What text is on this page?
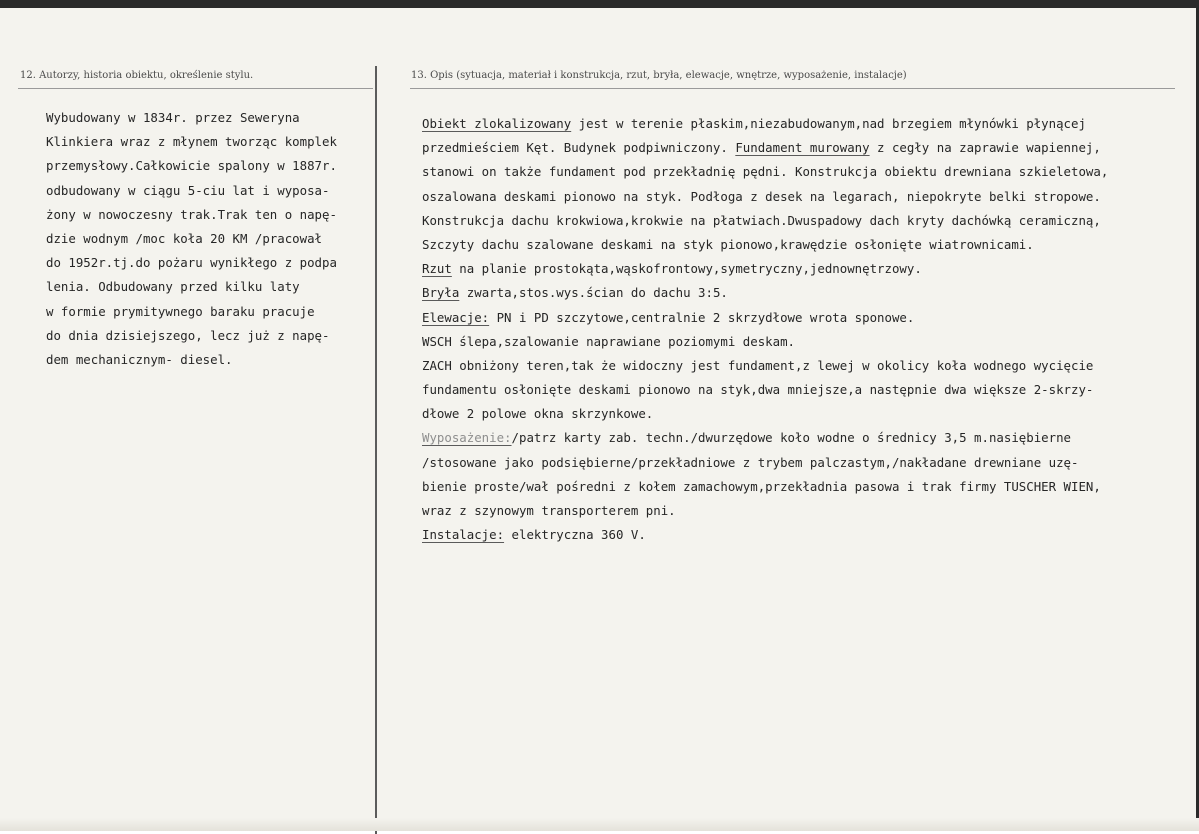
12. Autorzy, historia obiektu, określenie stylu.	13. Opis (sytuacja, materiał i konstrukcja, rzut, bryła, elewacje, wnętrze, wyposażenie, instalacje)
Wybudowany w 1834r. przez Seweryna
Klinkiera wraz z młynem tworząc komplek
przemysłowy.Całkowicie spalony w 1887r.
odbudowany w ciągu 5-ciu lat i wyposa-
żony w nowoczesny trak.Trak ten o napę-
dzie wodnym /moc koła 20 KM /pracował
do 1952r.tj.do pożaru wynikłego z podpa
lenia. Odbudowany przed kilku laty
w formie prymitywnego baraku pracuje
do dnia dzisiejszego, lecz już z napę-
dem mechanicznym- diesel.
Obiekt zlokalizowany jest w terenie płaskim,niezabudowanym,nad brzegiem młynówki płynącej
przedmieściem Kęt. Budynek podpiwniczony. Fundament murowany z cegły na zaprawie wapiennej,
stanowi on także fundament pod przekładnię pędni. Konstrukcja obiektu drewniana szkieletowa,
oszalowana deskami pionowo na styk. Podłoga z desek na legarach, niepokryte belki stropowe.
Konstrukcja dachu krokwiowa,krokwie na płatwiach.Dwuspadowy dach kryty dachówką ceramiczną,
Szczyty dachu szalowane deskami na styk pionowo,krawędzie osłonięte wiatrownicami.
Rzut na planie prostokąta,wąskofrontowy,symetryczny,jednownętrzowy.
Bryła zwarta,stos.wys.ścian do dachu 3:5.
Elewacje: PN i PD szczytowe,centralnie 2 skrzydłowe wrota sponowe.
WSCH ślepa,szalowanie naprawiane poziomymi deskam.
ZACH obniżony teren,tak że widoczny jest fundament,z lewej w okolicy koła wodnego wycięcie
fundamentu osłonięte deskami pionowo na styk,dwa mniejsze,a następnie dwa większe 2-skrzy-
dłowe 2 polowe okna skrzynkowe.
Wyposażenie:/patrz karty zab. techn./dwurzędowe koło wodne o średnicy 3,5 m.nasiębierne
/stosowane jako podsiębierne/przekładniowe z trybem palczastym,/nakładane drewniane uzę-
bienie proste/wał pośredni z kołem zamachowym,przekładnia pasowa i trak firmy TUSCHER WIEN,
wraz z szynowym transporterem pni.
Instalacje: elektryczna 360 V.
